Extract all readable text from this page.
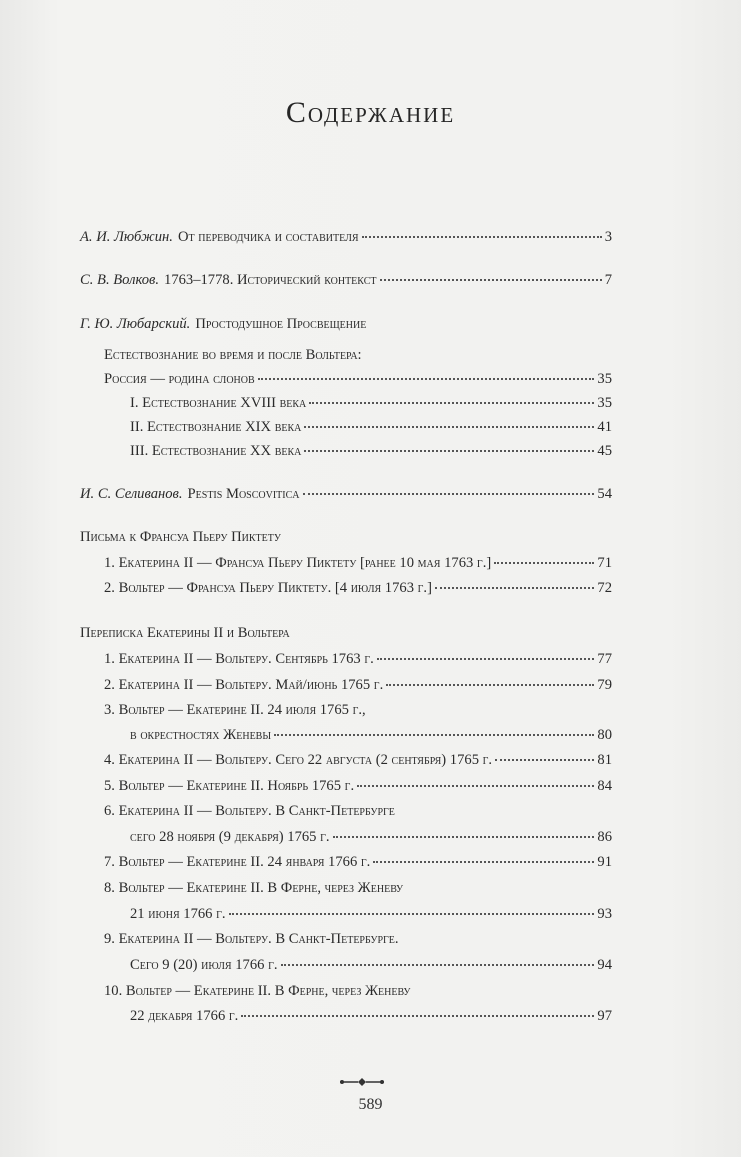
Содержание
А. И. Любжин. От переводчика и составителя	3
С. В. Волков. 1763–1778. Исторический контекст	7
Г. Ю. Любарский. Простодушное Просвещение
Естествознание во время и после Вольтера:
Россия — родина слонов	35
I. Естествознание XVIII века	35
II. Естествознание XIX века	41
III. Естествознание XX века	45
И. С. Селиванов. Pestis Moscovitica	54
Письма к Франсуа Пьеру Пиктету
1. Екатерина II — Франсуа Пьеру Пиктету [ранее 10 мая 1763 г.]	71
2. Вольтер — Франсуа Пьеру Пиктету. [4 июля 1763 г.]	72
Переписка Екатерины II и Вольтера
1. Екатерина II — Вольтеру. Сентябрь 1763 г.	77
2. Екатерина II — Вольтеру. Май/июнь 1765 г.	79
3. Вольтер — Екатерине II. 24 июля 1765 г.,
в окрестностях Женевы	80
4. Екатерина II — Вольтеру. Сего 22 августа (2 сентября) 1765 г.	81
5. Вольтер — Екатерине II. Ноябрь 1765 г.	84
6. Екатерина II — Вольтеру. В Санкт-Петербурге
сего 28 ноября (9 декабря) 1765 г.	86
7. Вольтер — Екатерине II. 24 января 1766 г.	91
8. Вольтер — Екатерине II. В Ферне, через Женеву
21 июня 1766 г.	93
9. Екатерина II — Вольтеру. В Санкт-Петербурге.
Сего 9 (20) июля 1766 г.	94
10. Вольтер — Екатерине II. В Ферне, через Женеву
22 декабря 1766 г.	97
589
